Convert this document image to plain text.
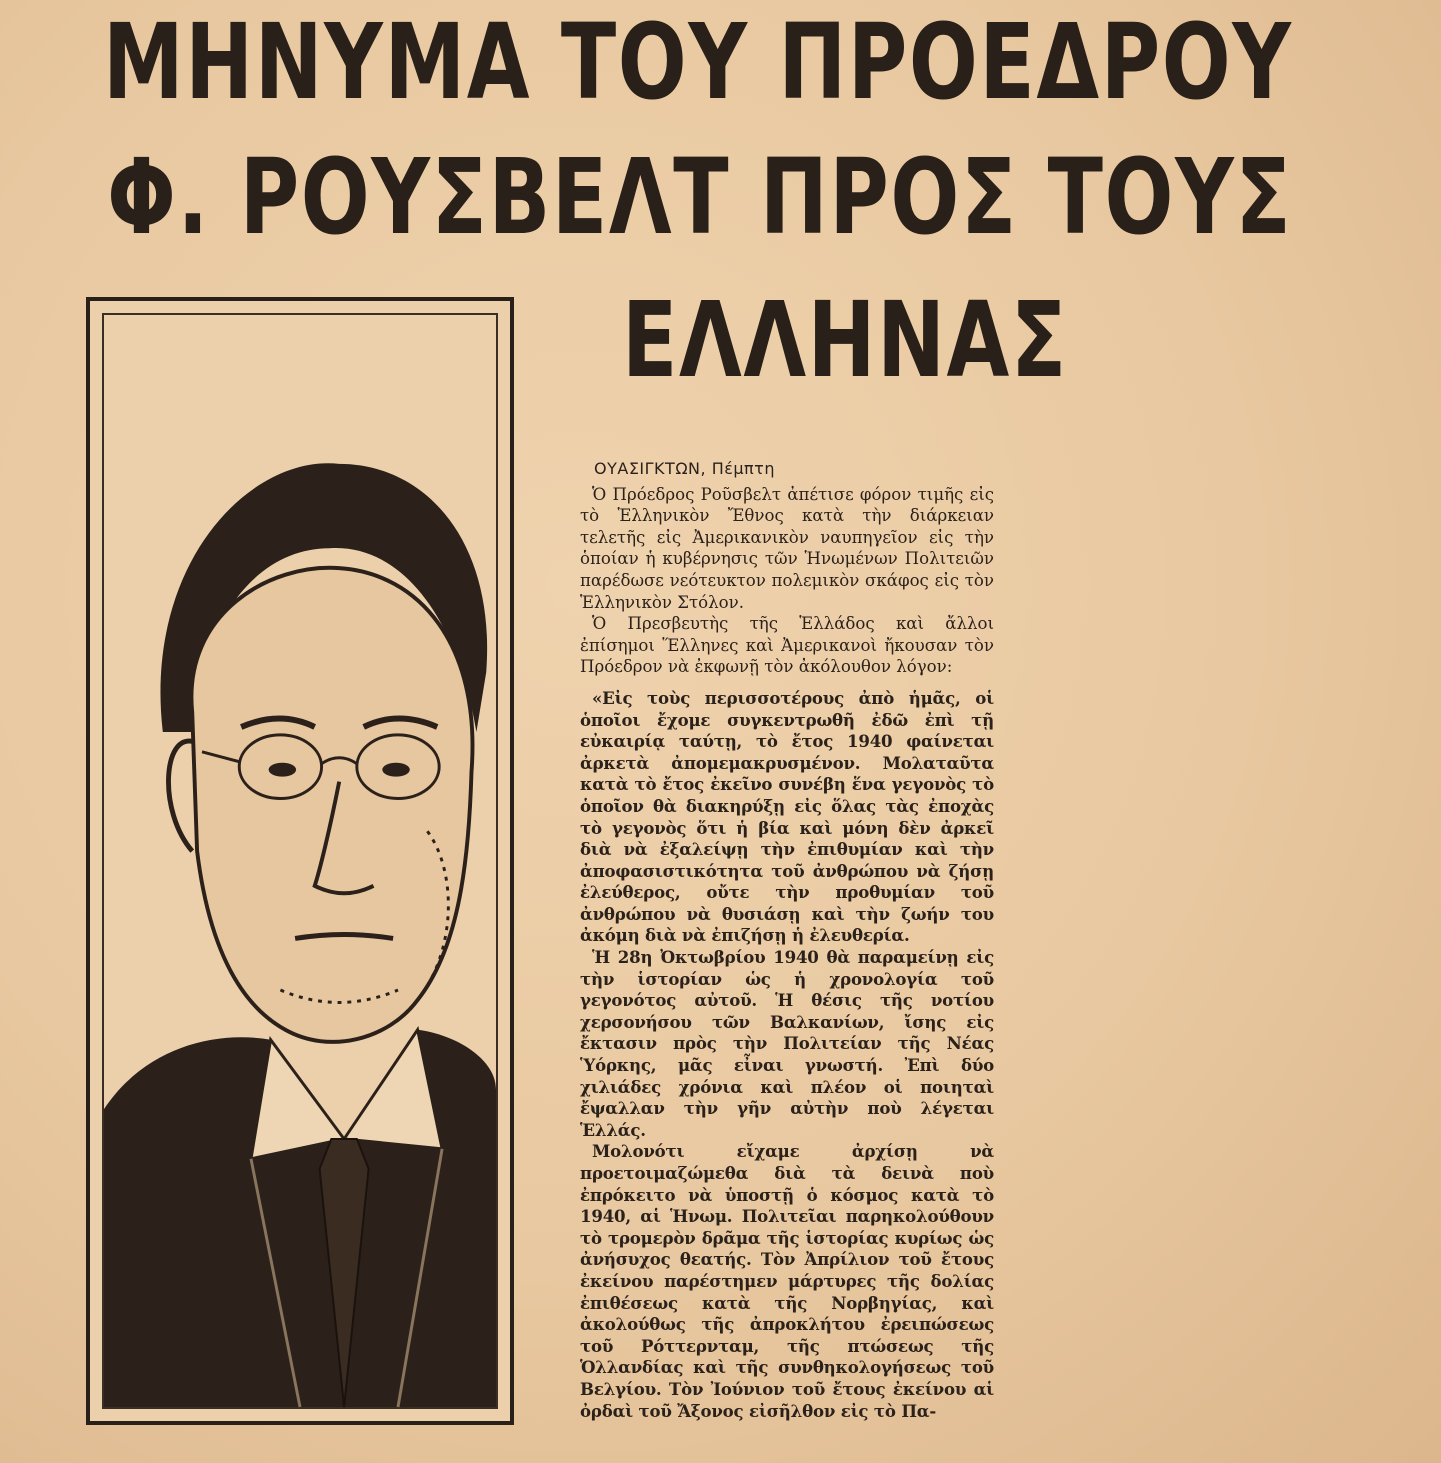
ΜΗΝΥΜΑ ΤΟΥ ΠΡΟΕΔΡΟΥ
Φ. ΡΟΥΣΒΕΛΤ ΠΡΟΣ ΤΟΥΣ
ΕΛΛΗΝΑΣ
ΟΥΑΣΙΓΚΤΩΝ, Πέμπτη

Ὁ Πρόεδρος Ροῦσβελτ ἀπέτισε φόρον τιμῆς εἰς τὸ Ἑλληνικὸν Ἔθνος κατὰ τὴν διάρκειαν τελετῆς εἰς Ἀμερικανικὸν ναυπηγεῖον εἰς τὴν ὁποίαν ἡ κυβέρνησις τῶν Ἡνωμένων Πολιτειῶν παρέδωσε νεότευκτον πολεμικὸν σκάφος εἰς τὸν Ἑλληνικὸν Στόλον.

Ὁ Πρεσβευτὴς τῆς Ἑλλάδος καὶ ἄλλοι ἐπίσημοι Ἕλληνες καὶ Ἀμερικανοὶ ἤκουσαν τὸν Πρόεδρον νὰ ἐκφωνῇ τὸν ἀκόλουθον λόγον:

«Εἰς τοὺς περισσοτέρους ἀπὸ ἡμᾶς, οἱ ὁποῖοι ἔχομε συγκεντρωθῆ ἐδῶ ἐπὶ τῇ εὐκαιρίᾳ ταύτῃ, τὸ ἔτος 1940 φαίνεται ἀρκετὰ ἀπομεμακρυσμένον. Μολαταῦτα κατὰ τὸ ἔτος ἐκεῖνο συνέβη ἕνα γεγονὸς τὸ ὁποῖον θὰ διακηρύξῃ εἰς ὅλας τὰς ἐποχὰς τὸ γεγονὸς ὅτι ἡ βία καὶ μόνη δὲν ἀρκεῖ διὰ νὰ ἐξαλείψῃ τὴν ἐπιθυμίαν καὶ τὴν ἀποφασιστικότητα τοῦ ἀνθρώπου νὰ ζήσῃ ἐλεύθερος, οὔτε τὴν προθυμίαν τοῦ ἀνθρώπου νὰ θυσιάσῃ καὶ τὴν ζωήν του ἀκόμη διὰ νὰ ἐπιζήσῃ ἡ ἐλευθερία.

Ἡ 28η Ὀκτωβρίου 1940 θὰ παραμείνῃ εἰς τὴν ἱστορίαν ὡς ἡ χρονολογία τοῦ γεγονότος αὐτοῦ. Ἡ θέσις τῆς νοτίου χερσονήσου τῶν Βαλκανίων, ἴσης εἰς ἔκτασιν πρὸς τὴν Πολιτείαν τῆς Νέας Ὑόρκης, μᾶς εἶναι γνωστή. Ἐπὶ δύο χιλιάδες χρόνια καὶ πλέον οἱ ποιηταὶ ἔψαλλαν τὴν γῆν αὐτὴν ποὺ λέγεται Ἑλλάς.

Μολονότι εἴχαμε ἀρχίσῃ νὰ προετοιμαζώμεθα διὰ τὰ δεινὰ ποὺ ἐπρόκειτο νὰ ὑποστῇ ὁ κόσμος κατὰ τὸ 1940, αἱ Ἡνωμ. Πολιτεῖαι παρηκολούθουν τὸ τρομερὸν δρᾶμα τῆς ἱστορίας κυρίως ὡς ἀνήσυχος θεατής. Τὸν Ἀπρίλιον τοῦ ἔτους ἐκείνου παρέστημεν μάρτυρες τῆς δολίας ἐπιθέσεως κατὰ τῆς Νορβηγίας, καὶ ἀκολούθως τῆς ἀπροκλήτου ἐρειπώσεως τοῦ Ρόττερνταμ, τῆς πτώσεως τῆς Ὁλλανδίας καὶ τῆς συνθηκολογήσεως τοῦ Βελγίου. Τὸν Ἰούνιον τοῦ ἔτους ἐκείνου αἱ ὀρδαὶ τοῦ Ἄξονος εἰσῆλθον εἰς τὸ Πα-
